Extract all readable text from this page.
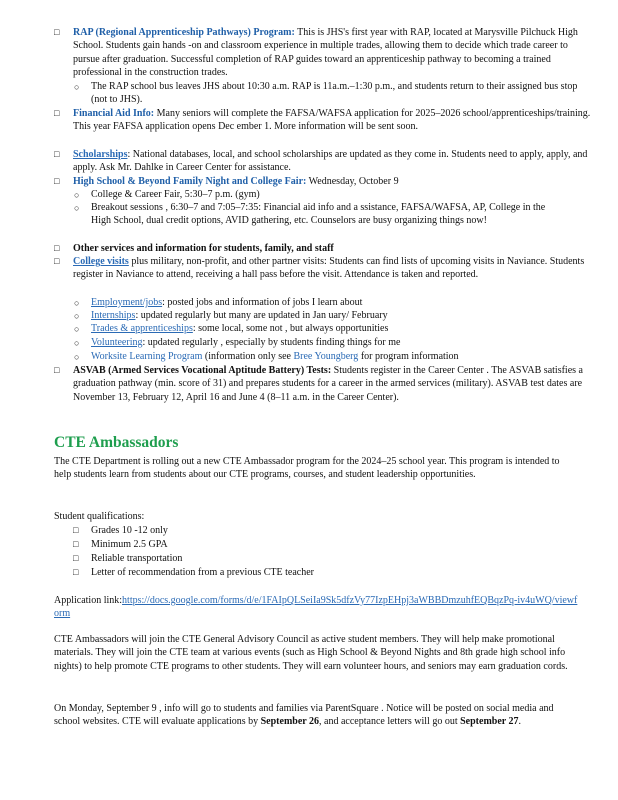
□ RAP (Regional Apprenticeship Pathways) Program: This is JHS's first year with RAP, located at Marysville Pilchuck High School. Students gain hands -on and classroom experience in multiple trades, allowing them to decide which trade career to pursue after graduation. Successful completion of RAP guides toward an apprenticeship pathway to becoming a trained professional in the construction trades.
○ The RAP school bus leaves JHS about 10:30 a.m. RAP is 11a.m.–1:30 p.m., and students return to their assigned bus stop (not to JHS).
□ Financial Aid Info: Many seniors will complete the FAFSA/WAFSA application for 2025–2026 school/apprenticeships/training. This year FAFSA application opens Dec ember 1. More information will be sent soon.
□ Scholarships: National databases, local, and school scholarships are updated as they come in. Students need to apply, apply, and apply. Ask Mr. Dahlke in Career Center for assistance.
□ High School & Beyond Family Night and College Fair: Wednesday, October 9
○ College & Career Fair, 5:30–7 p.m. (gym)
○ Breakout sessions , 6:30–7 and 7:05–7:35: Financial aid info and a ssistance, FAFSA/WAFSA, AP, College in the High School, dual credit options, AVID gathering, etc. Counselors are busy organizing things now!
□ Other services and information for students, family, and staff
□ College visits plus military, non-profit, and other partner visits: Students can find lists of upcoming visits in Naviance. Students register in Naviance to attend, receiving a hall pass before the visit. Attendance is taken and reported.
○ Employment/jobs: posted jobs and information of jobs I learn about
○ Internships: updated regularly but many are updated in Jan uary/ February
○ Trades & apprenticeships: some local, some not , but always opportunities
○ Volunteering: updated regularly , especially by students finding things for me
○ Worksite Learning Program (information only see Bree Youngberg for program information
□ ASVAB (Armed Services Vocational Aptitude Battery) Tests: Students register in the Career Center . The ASVAB satisfies a graduation pathway (min. score of 31) and prepares students for a career in the armed services (military). ASVAB test dates are November 13, February 12, April 16 and June 4 (8–11 a.m. in the Career Center).
CTE Ambassadors
The CTE Department is rolling out a new CTE Ambassador program for the 2024–25 school year. This program is intended to help students learn from students about our CTE programs, courses, and student leadership opportunities.
Student qualifications:
□ Grades 10 -12 only
□ Minimum 2.5 GPA
□ Reliable transportation
□ Letter of recommendation from a previous CTE teacher
Application link:https://docs.google.com/forms/d/e/1FAIpQLSeiIa9Sk5dfzVy77IzpEHpj3aWBBDmzuhfEQBqzPq-iv4uWQ/viewform
CTE Ambassadors will join the CTE General Advisory Council as active student members. They will help make promotional materials. They will join the CTE team at various events (such as High School & Beyond Nights and 8th grade high school info nights) to help promote CTE programs to other students. They will earn volunteer hours, and seniors may earn graduation cords.
On Monday, September 9 , info will go to students and families via ParentSquare . Notice will be posted on social media and school websites. CTE will evaluate applications by September 26, and acceptance letters will go out September 27.
